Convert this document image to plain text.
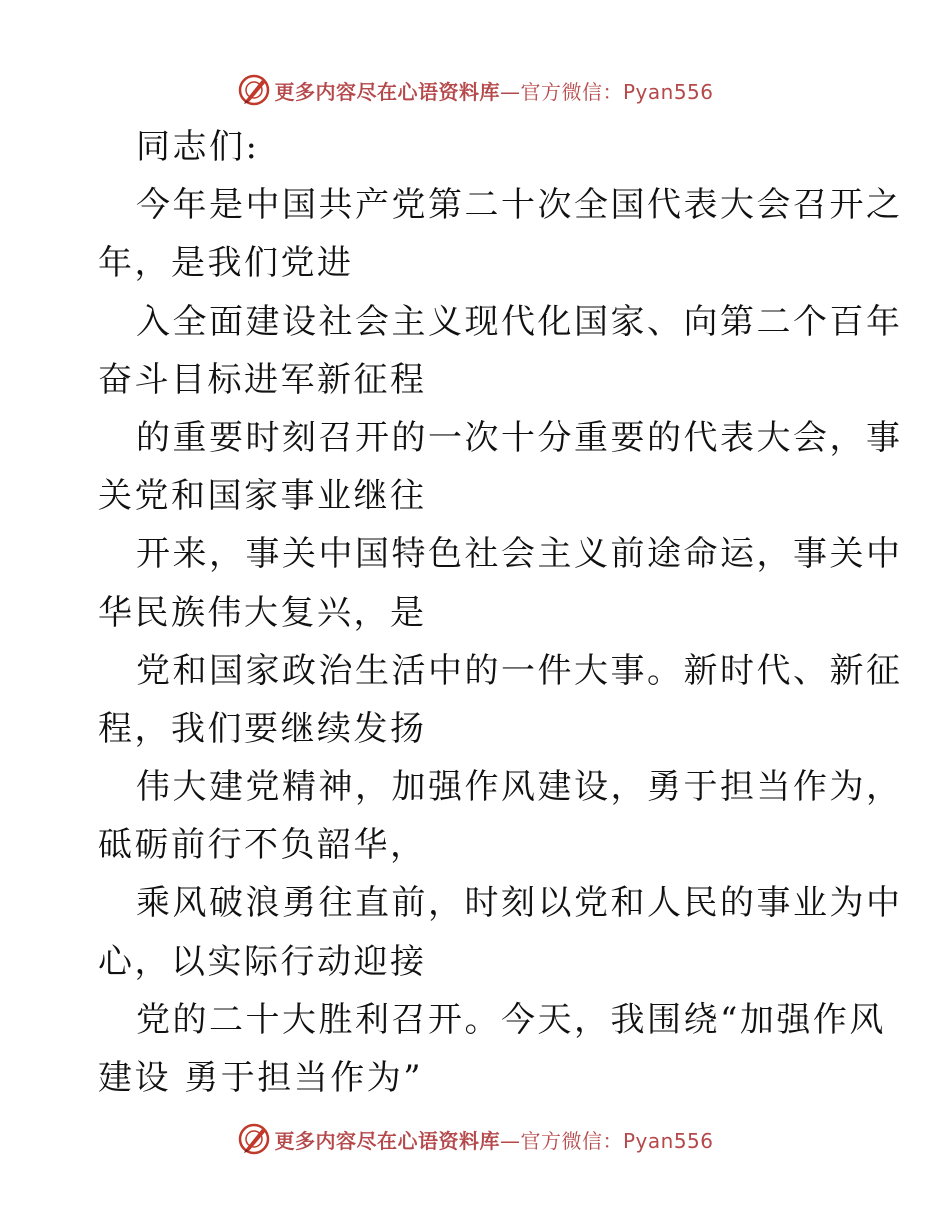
更多内容尽在心语资料库—官方微信：Pyan556
同志们:
今年是中国共产党第二十次全国代表大会召开之
年，是我们党进
入全面建设社会主义现代化国家、向第二个百年
奋斗目标进军新征程
的重要时刻召开的一次十分重要的代表大会，事
关党和国家事业继往
开来，事关中国特色社会主义前途命运，事关中
华民族伟大复兴，是
党和国家政治生活中的一件大事。新时代、新征
程，我们要继续发扬
伟大建党精神，加强作风建设，勇于担当作为，
砥砺前行不负韶华，
乘风破浪勇往直前，时刻以党和人民的事业为中
心，以实际行动迎接
党的二十大胜利召开。今天，我围绕“加强作风
建设 勇于担当作为”
更多内容尽在心语资料库—官方微信：Pyan556
